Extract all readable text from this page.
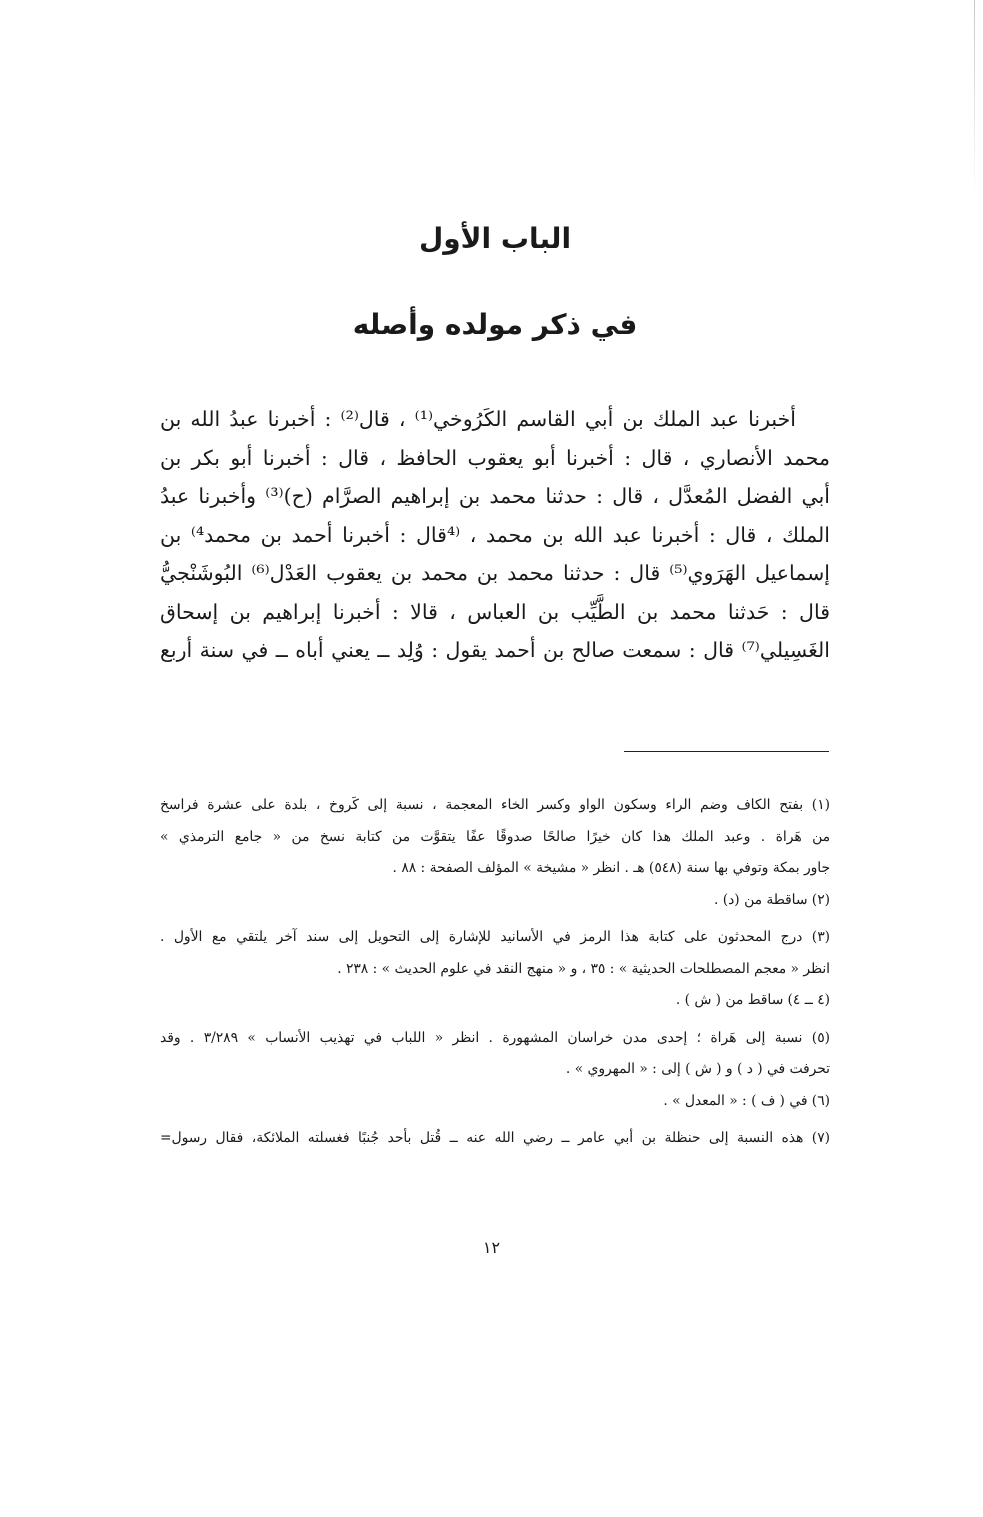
الباب الأول
في ذكر مولده وأصله
أخبرنا عبد الملك بن أبي القاسم الكَرُوخي⁽¹⁾ ، قال⁽²⁾ : أخبرنا عبدُ الله بن
محمد الأنصاري ، قال : أخبرنا أبو يعقوب الحافظ ، قال : أخبرنا أبو بكر بن
أبي الفضل المُعدَّل ، قال : حدثنا محمد بن إبراهيم الصرَّام (ح)⁽³⁾ وأخبرنا عبدُ
الملك ، قال : أخبرنا عبد الله بن محمد ، ⁽⁴قال : أخبرنا أحمد بن محمد⁴⁾ بن
إسماعيل الهَرَوي⁽⁵⁾ قال : حدثنا محمد بن محمد بن يعقوب العَدْل⁽⁶⁾ البُوشَنْجيُّ
قال : حَدثنا محمد بن الطَّيِّب بن العباس ، قالا : أخبرنا إبراهيم بن إسحاق
الغَسِيلي⁽⁷⁾ قال : سمعت صالح بن أحمد يقول : وُلِد ــ يعني أباه ــ في سنة أربع
(١) بفتح الكاف وضم الراء وسكون الواو وكسر الخاء المعجمة ، نسبة إلى كَروخ ، بلدة على عشرة فراسخ
من هَراة . وعبد الملك هذا كان خيرًا صالحًا صدوقًا عفًا يتقوَّت من كتابة نسخ من « جامع الترمذي »
جاور بمكة وتوفي بها سنة (٥٤٨) هـ . انظر « مشيخة » المؤلف الصفحة : ٨٨ .
(٢) ساقطة من (د) .
(٣) درج المحدثون على كتابة هذا الرمز في الأسانيد للإشارة إلى التحويل إلى سند آخر يلتقي مع الأول .
انظر « معجم المصطلحات الحديثية » : ٣٥ ، و « منهج النقد في علوم الحديث » : ٢٣٨ .
(٤ ــ ٤) ساقط من ( ش ) .
(٥) نسبة إلى هَراة ؛ إحدى مدن خراسان المشهورة . انظر « اللباب في تهذيب الأنساب » ٣/٢٨٩ . وقد
تحرفت في ( د ) و ( ش ) إلى : « المهروي » .
(٦) في ( ف ) : « المعدل » .
(٧) هذه النسبة إلى حنظلة بن أبي عامر ــ رضي الله عنه ــ قُتل بأحد جُنبًا فغسلته الملائكة، فقال رسول=
١٢
